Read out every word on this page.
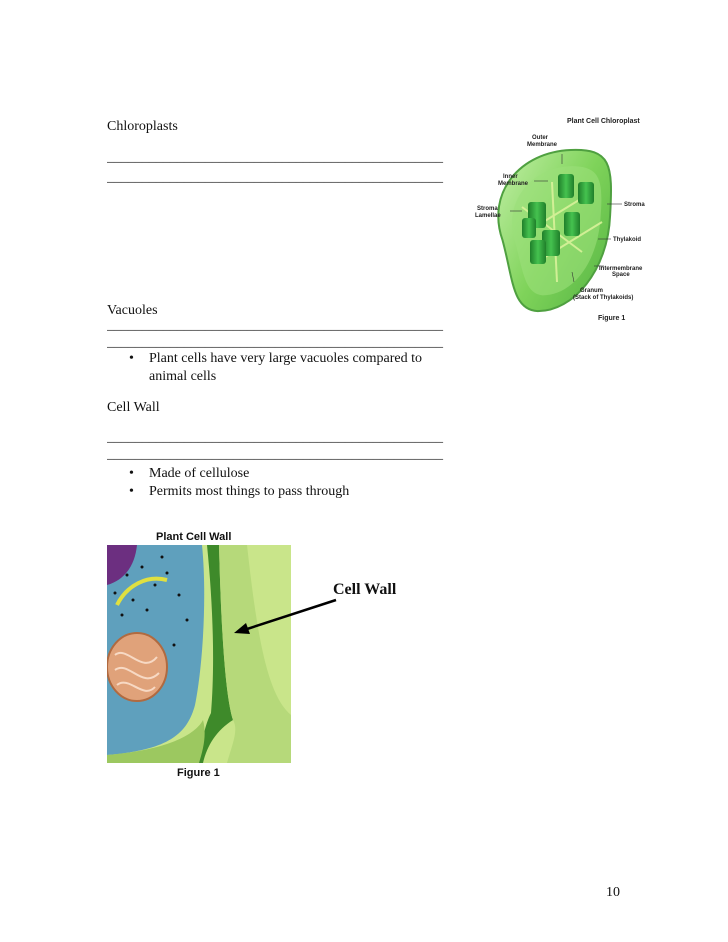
Chloroplasts
________________________________________________
________________________________________________
Vacuoles
________________________________________________
________________________________________________
• Plant cells have very large vacuoles compared to
animal cells
Cell Wall
________________________________________________
________________________________________________
• Made of cellulose
• Permits most things to pass through
Plant Cell Chloroplast
Outer
Membrane
Inner
Membrane
Stroma
Stroma
Lamellae
Thylakoid
Intermembrane
Space
Granum
(Stack of Thylakoids)
Figure 1
Plant Cell Wall
Cell Wall
Figure 1
10
